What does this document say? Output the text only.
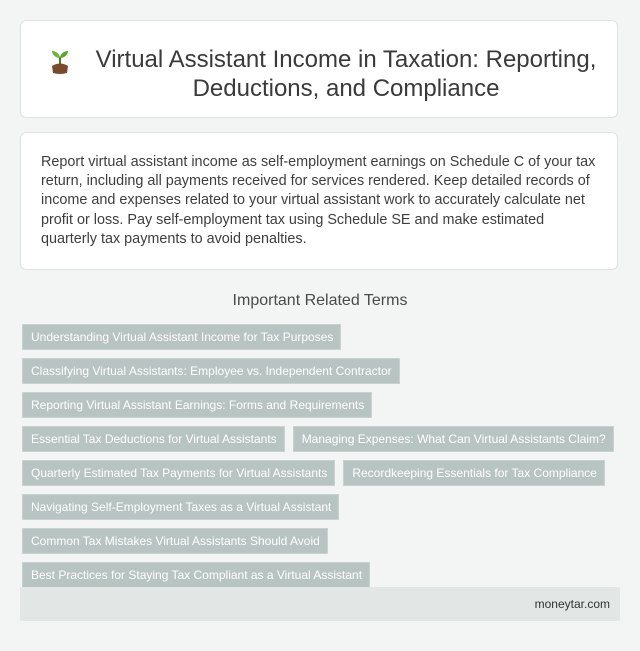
Virtual Assistant Income in Taxation: Reporting, Deductions, and Compliance

Report virtual assistant income as self-employment earnings on Schedule C of your tax return, including all payments received for services rendered. Keep detailed records of income and expenses related to your virtual assistant work to accurately calculate net profit or loss. Pay self-employment tax using Schedule SE and make estimated quarterly tax payments to avoid penalties.

Important Related Terms
Understanding Virtual Assistant Income for Tax Purposes
Classifying Virtual Assistants: Employee vs. Independent Contractor
Reporting Virtual Assistant Earnings: Forms and Requirements
Essential Tax Deductions for Virtual Assistants	Managing Expenses: What Can Virtual Assistants Claim?
Quarterly Estimated Tax Payments for Virtual Assistants	Recordkeeping Essentials for Tax Compliance
Navigating Self-Employment Taxes as a Virtual Assistant
Common Tax Mistakes Virtual Assistants Should Avoid
Best Practices for Staying Tax Compliant as a Virtual Assistant
moneytar.com
